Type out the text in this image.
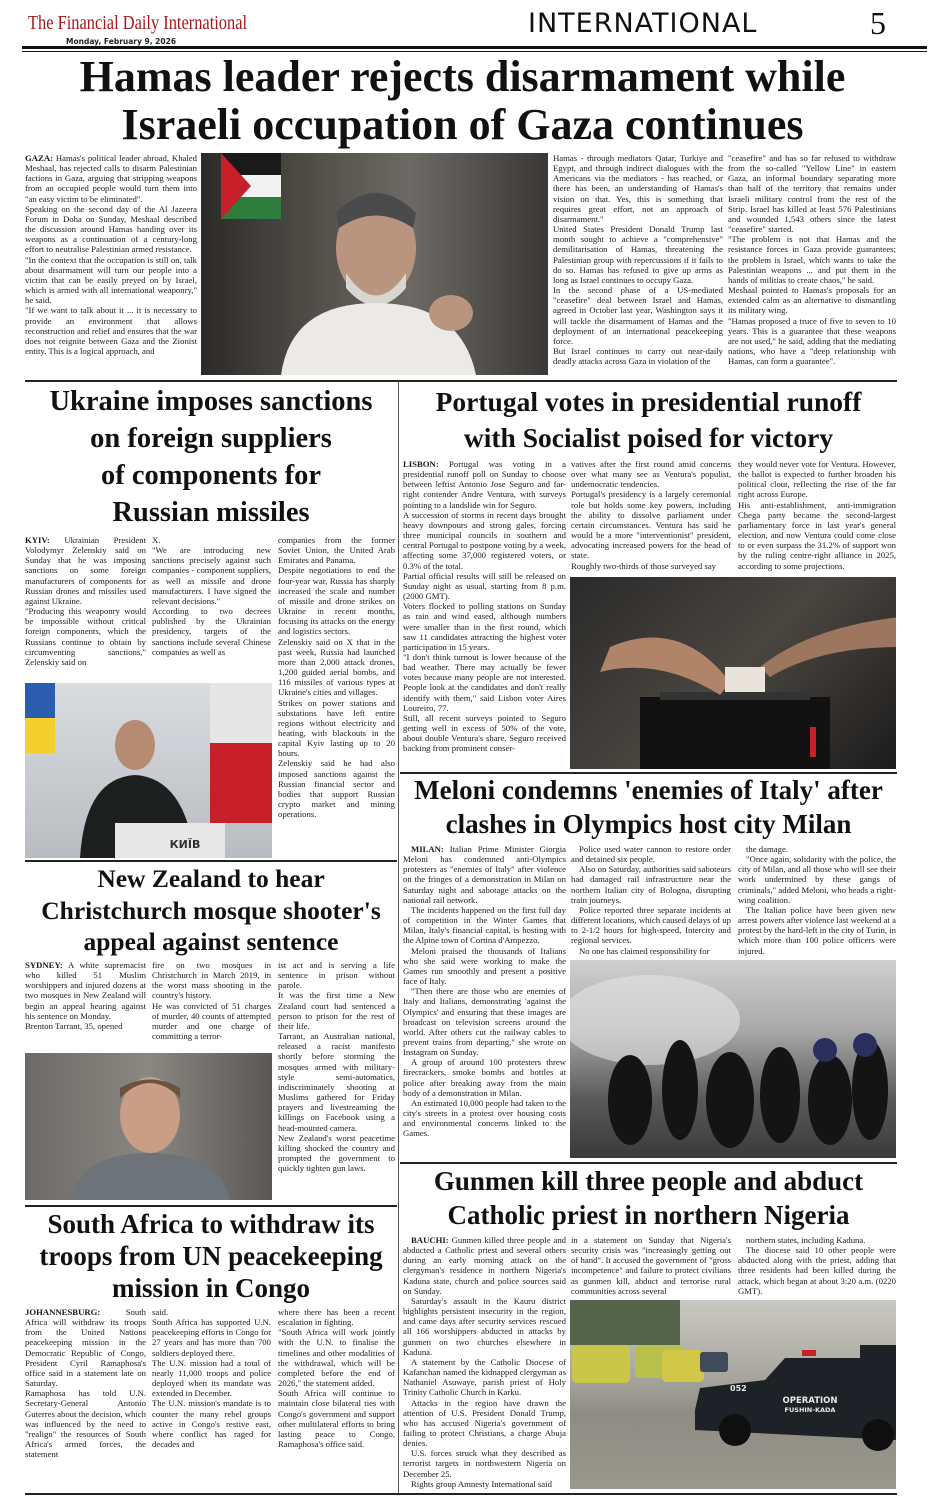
The Financial Daily International
Monday, February 9, 2026
INTERNATIONAL	5
Hamas leader rejects disarmament while
Israeli occupation of Gaza continues

GAZA: Hamas's political leader abroad, Khaled Meshaal, has rejected calls to disarm Palestinian factions in Gaza, arguing that stripping weapons from an occupied people would turn them into "an easy victim to be eliminated".

Speaking on the second day of the Al Jazeera Forum in Doha on Sunday, Meshaal described the discussion around Hamas handing over its weapons as a continuation of a century-long effort to neutralise Palestinian armed resistance.

"In the context that the occupation is still on, talk about disarmament will turn our people into a victim that can be easily preyed on by Israel, which is armed with all international weaponry," he said.

"If we want to talk about it ... it is necessary to provide an environment that allows reconstruction and relief and ensures that the war does not reignite between Gaza and the Zionist entity. This is a logical approach, and

Hamas - through mediators Qatar, Turkiye and Egypt, and through indirect dialogues with the Americans via the mediators - has reached, or there has been, an understanding of Hamas's vision on that. Yes, this is something that requires great effort, not an approach of disarmament."

United States President Donald Trump last month sought to achieve a "comprehensive" demilitarisation of Hamas, threatening the Palestinian group with repercussions if it fails to do so. Hamas has refused to give up arms as long as Israel continues to occupy Gaza.

In the second phase of a US-mediated "ceasefire" deal between Israel and Hamas, agreed in October last year, Washington says it will tackle the disarmament of Hamas and the deployment of an international peacekeeping force.

But Israel continues to carry out near-daily deadly attacks across Gaza in violation of the

"ceasefire" and has so far refused to withdraw from the so-called "Yellow Line" in eastern Gaza, an informal boundary separating more than half of the territory that remains under Israeli military control from the rest of the Strip. Israel has killed at least 576 Palestinians and wounded 1,543 others since the latest "ceasefire" started.

"The problem is not that Hamas and the resistance forces in Gaza provide guarantees; the problem is Israel, which wants to take the Palestinian weapons ... and put them in the hands of militias to create chaos," he said.

Meshaal pointed to Hamas's proposals for an extended calm as an alternative to dismantling its military wing.

"Hamas proposed a truce of five to seven to 10 years. This is a guarantee that these weapons are not used," he said, adding that the mediating nations, who have a "deep relationship with Hamas, can form a guarantee".

Ukraine imposes sanctions
on foreign suppliers
of components for
Russian missiles

KYIV: Ukrainian President Volodymyr Zelenskiy said on Sunday that he was imposing sanctions on some foreign manufacturers of components for Russian drones and missiles used against Ukraine.

"Producing this weaponry would be impossible without critical foreign components, which the Russians continue to obtain by circumventing sanctions," Zelenskiy said on

X.

"We are introducing new sanctions precisely against such companies - component suppliers, as well as missile and drone manufacturers. I have signed the relevant decisions."

According to two decrees published by the Ukrainian presidency, targets of the sanctions include several Chinese companies as well as

companies from the former Soviet Union, the United Arab Emirates and Panama.

Despite negotiations to end the four-year war, Russia has sharply increased the scale and number of missile and drone strikes on Ukraine in recent months, focusing its attacks on the energy and logistics sectors.

Zelenskiy said on X that in the past week, Russia had launched more than 2,000 attack drones, 1,200 guided aerial bombs, and 116 missiles of various types at Ukraine's cities and villages.

Strikes on power stations and substations have left entire regions without electricity and heating, with blackouts in the capital Kyiv lasting up to 20 hours.

Zelenskiy said he had also imposed sanctions against the Russian financial sector and bodies that support Russian crypto market and mining operations.

КИЇВ
New Zealand to hear
Christchurch mosque shooter's
appeal against sentence

SYDNEY: A white supremacist who killed 51 Muslim worshippers and injured dozens at two mosques in New Zealand will begin an appeal hearing against his sentence on Monday.

Brenton Tarrant, 35, opened

fire on two mosques in Christchurch in March 2019, in the worst mass shooting in the country's history.

He was convicted of 51 charges of murder, 40 counts of attempted murder and one charge of committing a terror-

ist act and is serving a life sentence in prison without parole.

It was the first time a New Zealand court had sentenced a person to prison for the rest of their life.

Tarrant, an Australian national, released a racist manifesto shortly before storming the mosques armed with military-style semi-automatics, indiscriminately shooting at Muslims gathered for Friday prayers and livestreaming the killings on Facebook using a head-mounted camera.

New Zealand's worst peacetime killing shocked the country and prompted the government to quickly tighten gun laws.

South Africa to withdraw its
troops from UN peacekeeping
mission in Congo

JOHANNESBURG:	South Africa will withdraw its troops from the United Nations peacekeeping mission in the Democratic Republic of Congo, President Cyril Ramaphosa's office said in a statement late on Saturday.

Ramaphosa has told U.N. Secretary-General Antonio Guterres about the decision, which was influenced by the need to "realign" the resources of South Africa's armed forces, the statement

said.

South Africa has supported U.N. peacekeeping efforts in Congo for 27 years and has more than 700 soldiers deployed there.

The U.N. mission had a total of nearly 11,000 troops and police deployed when its mandate was extended in December.

The U.N. mission's mandate is to counter the many rebel groups active in Congo's restive east, where conflict has raged for decades and

where there has been a recent escalation in fighting.

"South Africa will work jointly with the U.N. to finalise the timelines and other modalities of the withdrawal, which will be completed before the end of 2026," the statement added.

South Africa will continue to maintain close bilateral ties with Congo's government and support other multilateral efforts to bring lasting peace to Congo, Ramaphosa's office said.

Portugal votes in presidential runoff
with Socialist poised for victory

LISBON: Portugal was voting in a presidential runoff poll on Sunday to choose between leftist Antonio Jose Seguro and far-right contender Andre Ventura, with surveys pointing to a landslide win for Seguro.

A succession of storms in recent days brought heavy downpours and strong gales, forcing three municipal councils in southern and central Portugal to postpone voting by a week, affecting some 37,000 registered voters, or 0.3% of the total.

Partial official results will still be released on Sunday night as usual, starting from 8 p.m. (2000 GMT).

Voters flocked to polling stations on Sunday as rain and wind eased, although numbers were smaller than in the first round, which saw 11 candidates attracting the highest voter participation in 15 years.

"I don't think turnout is lower because of the bad weather. There may actually be fewer votes because many people are not interested. People look at the candidates and don't really identify with them," said Lisbon voter Aires Loureiro, 77.

Still, all recent surveys pointed to Seguro getting well in excess of 50% of the vote, about double Ventura's share. Seguro received backing from prominent conser-

vatives after the first round amid concerns over what many see as Ventura's populist, undemocratic tendencies.

Portugal's presidency is a largely ceremonial role but holds some key powers, including the ability to dissolve parliament under certain circumstances. Ventura has said he would be a more "interventionist" president, advocating increased powers for the head of state.

Roughly two-thirds of those surveyed say

they would never vote for Ventura. However, the ballot is expected to further broaden his political clout, reflecting the rise of the far right across Europe.

His anti-establishment, anti-immigration Chega party became the second-largest parliamentary force in last year's general election, and now Ventura could come close to or even surpass the 31.2% of support won by the ruling centre-right alliance in 2025, according to some projections.

Meloni condemns 'enemies of Italy' after
clashes in Olympics host city Milan

MILAN: Italian Prime Minister Giorgia Meloni has condemned anti-Olympics protesters as "enemies of Italy" after violence on the fringes of a demonstration in Milan on Saturday night and sabotage attacks on the national rail network.

The incidents happened on the first full day of competition in the Winter Games that Milan, Italy's financial capital, is hosting with the Alpine town of Cortina d'Ampezzo.

Meloni praised the thousands of Italians who she said were working to make the Games run smoothly and present a positive face of Italy.

"Then there are those who are enemies of Italy and Italians, demonstrating 'against the Olympics' and ensuring that these images are broadcast on television screens around the world. After others cut the railway cables to prevent trains from departing," she wrote on Instagram on Sunday.

A group of around 100 protesters threw firecrackers, smoke bombs and bottles at police after breaking away from the main body of a demonstration in Milan.

An estimated 10,000 people had taken to the city's streets in a protest over housing costs and environmental concerns linked to the Games.

Police used water cannon to restore order and detained six people.

Also on Saturday, authorities said saboteurs had damaged rail infrastructure near the northern Italian city of Bologna, disrupting train journeys.

Police reported three separate incidents at different locations, which caused delays of up to 2-1/2 hours for high-speed, Intercity and regional services.

No one has claimed responsibility for

the damage.

"Once again, solidarity with the police, the city of Milan, and all those who will see their work undermined by these gangs of criminals," added Meloni, who heads a right-wing coalition.

The Italian police have been given new arrest powers after violence last weekend at a protest by the hard-left in the city of Turin, in which more than 100 police officers were injured.

Gunmen kill three people and abduct
Catholic priest in northern Nigeria

BAUCHI: Gunmen killed three people and abducted a Catholic priest and several others during an early morning attack on the clergyman's residence in northern Nigeria's Kaduna state, church and police sources said on Sunday.

Saturday's assault in the Kauru district highlights persistent insecurity in the region, and came days after security services rescued all 166 worshippers abducted in attacks by gunmen on two churches elsewhere in Kaduna.

A statement by the Catholic Diocese of Kafanchan named the kidnapped clergyman as Nathaniel Asuwaye, parish priest of Holy Trinity Catholic Church in Karku.

Attacks in the region have drawn the attention of U.S. President Donald Trump, who has accused Nigeria's government of failing to protect Christians, a charge Abuja denies.

U.S. forces struck what they described as terrorist targets in northwestern Nigeria on December 25.

Rights group Amnesty International said

in a statement on Sunday that Nigeria's security crisis was "increasingly getting out of hand". It accused the government of "gross incompetence" and failure to protect civilians as gunmen kill, abduct and terrorise rural communities across several

northern states, including Kaduna.

The diocese said 10 other people were abducted along with the priest, adding that three residents had been killed during the attack, which began at about 3:20 a.m. (0220 GMT).

052
OPERATION
FUSHIN-KADA
